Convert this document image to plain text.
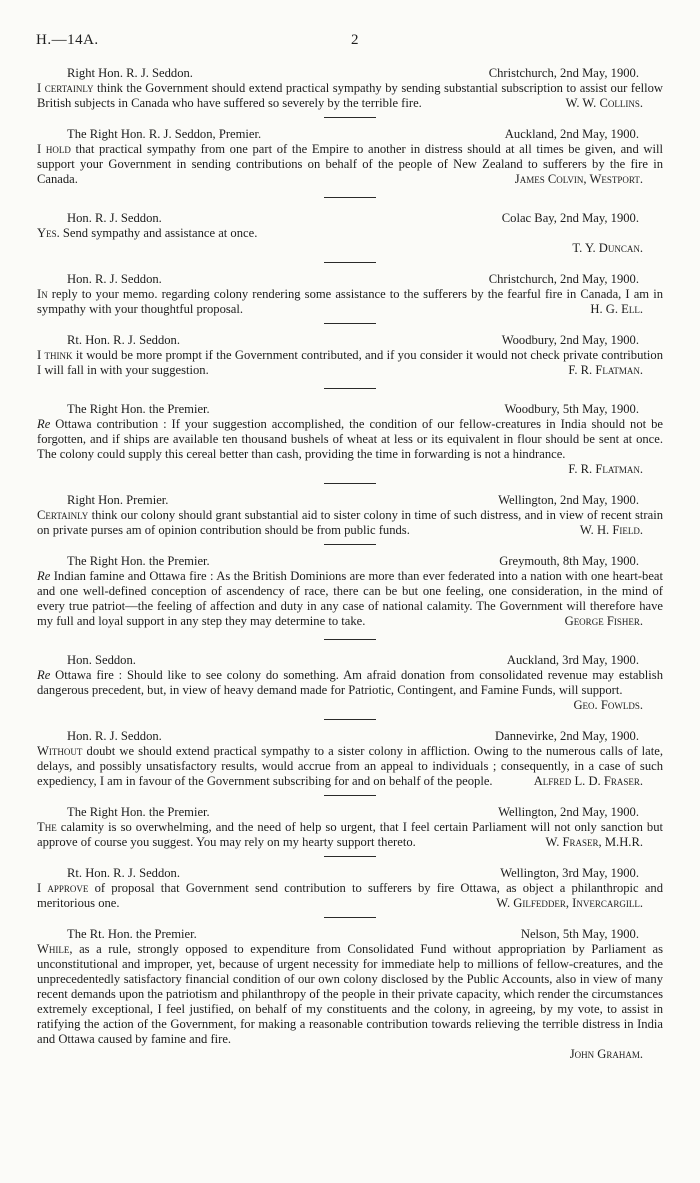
H.—14A.	2
Right Hon. R. J. Seddon.	Christchurch, 2nd May, 1900.
I certainly think the Government should extend practical sympathy by sending substantial subscription to assist our fellow British subjects in Canada who have suffered so severely by the terrible fire.	W. W. Collins.
The Right Hon. R. J. Seddon, Premier.	Auckland, 2nd May, 1900.
I hold that practical sympathy from one part of the Empire to another in distress should at all times be given, and will support your Government in sending contributions on behalf of the people of New Zealand to sufferers by the fire in Canada.	James Colvin, Westport.
Hon. R. J. Seddon.	Colac Bay, 2nd May, 1900.
Yes. Send sympathy and assistance at once.
T. Y. Duncan.
Hon. R. J. Seddon.	Christchurch, 2nd May, 1900.
In reply to your memo. regarding colony rendering some assistance to the sufferers by the fearful fire in Canada, I am in sympathy with your thoughtful proposal.	H. G. Ell.
Rt. Hon. R. J. Seddon.	Woodbury, 2nd May, 1900.
I think it would be more prompt if the Government contributed, and if you consider it would not check private contribution I will fall in with your suggestion.	F. R. Flatman.
The Right Hon. the Premier.	Woodbury, 5th May, 1900.
Re Ottawa contribution : If your suggestion accomplished, the condition of our fellow-creatures in India should not be forgotten, and if ships are available ten thousand bushels of wheat at less or its equivalent in flour should be sent at once. The colony could supply this cereal better than cash, providing the time in forwarding is not a hindrance.
F. R. Flatman.
Right Hon. Premier.	Wellington, 2nd May, 1900.
Certainly think our colony should grant substantial aid to sister colony in time of such distress, and in view of recent strain on private purses am of opinion contribution should be from public funds.	W. H. Field.
The Right Hon. the Premier.	Greymouth, 8th May, 1900.
Re Indian famine and Ottawa fire : As the British Dominions are more than ever federated into a nation with one heart-beat and one well-defined conception of ascendency of race, there can be but one feeling, one consideration, in the mind of every true patriot—the feeling of affection and duty in any case of national calamity. The Government will therefore have my full and loyal support in any step they may determine to take.	George Fisher.
Hon. Seddon.	Auckland, 3rd May, 1900.
Re Ottawa fire : Should like to see colony do something. Am afraid donation from consolidated revenue may establish dangerous precedent, but, in view of heavy demand made for Patriotic, Contingent, and Famine Funds, will support.
Geo. Fowlds.
Hon. R. J. Seddon.	Dannevirke, 2nd May, 1900.
Without doubt we should extend practical sympathy to a sister colony in affliction. Owing to the numerous calls of late, delays, and possibly unsatisfactory results, would accrue from an appeal to individuals ; consequently, in a case of such expediency, I am in favour of the Government subscribing for and on behalf of the people.	Alfred L. D. Fraser.
The Right Hon. the Premier.	Wellington, 2nd May, 1900.
The calamity is so overwhelming, and the need of help so urgent, that I feel certain Parliament will not only sanction but approve of course you suggest. You may rely on my hearty support thereto.	W. Fraser, M.H.R.
Rt. Hon. R. J. Seddon.	Wellington, 3rd May, 1900.
I approve of proposal that Government send contribution to sufferers by fire Ottawa, as object a philanthropic and meritorious one.	W. Gilfedder, Invercargill.
The Rt. Hon. the Premier.	Nelson, 5th May, 1900.
While, as a rule, strongly opposed to expenditure from Consolidated Fund without appropriation by Parliament as unconstitutional and improper, yet, because of urgent necessity for immediate help to millions of fellow-creatures, and the unprecedentedly satisfactory financial condition of our own colony disclosed by the Public Accounts, also in view of many recent demands upon the patriotism and philanthropy of the people in their private capacity, which render the circumstances extremely exceptional, I feel justified, on behalf of my constituents and the colony, in agreeing, by my vote, to assist in ratifying the action of the Government, for making a reasonable contribution towards relieving the terrible distress in India and Ottawa caused by famine and fire.
John Graham.
